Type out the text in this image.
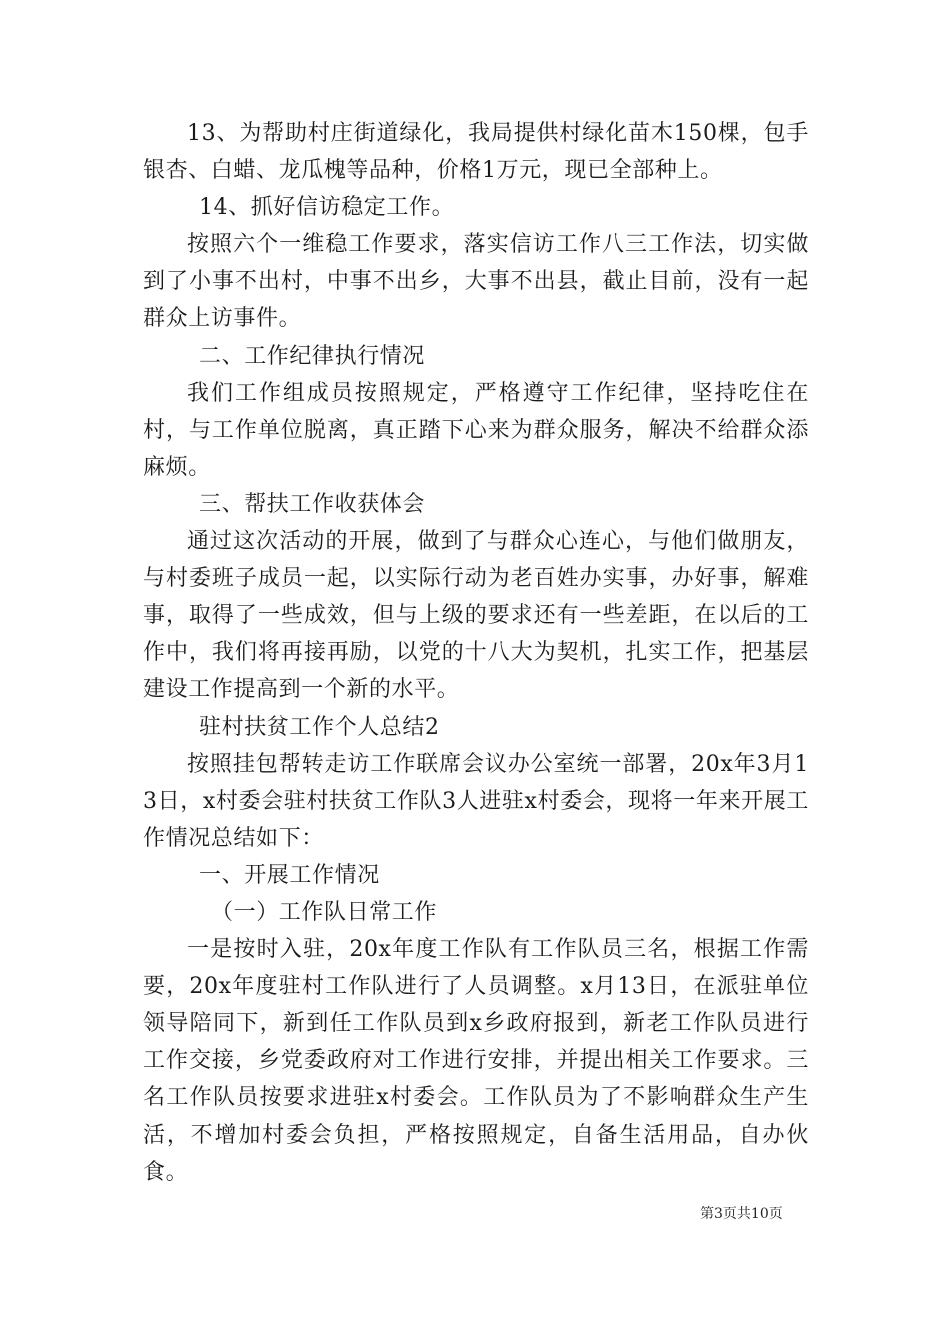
13、为帮助村庄街道绿化，我局提供村绿化苗木150棵，包手银杏、白蜡、龙瓜槐等品种，价格1万元，现已全部种上。

14、抓好信访稳定工作。

按照六个一维稳工作要求，落实信访工作八三工作法，切实做到了小事不出村，中事不出乡，大事不出县，截止目前，没有一起群众上访事件。

二、工作纪律执行情况

我们工作组成员按照规定，严格遵守工作纪律，坚持吃住在村，与工作单位脱离，真正踏下心来为群众服务，解决不给群众添麻烦。

三、帮扶工作收获体会

通过这次活动的开展，做到了与群众心连心，与他们做朋友，与村委班子成员一起，以实际行动为老百姓办实事，办好事，解难事，取得了一些成效，但与上级的要求还有一些差距，在以后的工作中，我们将再接再励，以党的十八大为契机，扎实工作，把基层建设工作提高到一个新的水平。

驻村扶贫工作个人总结2

按照挂包帮转走访工作联席会议办公室统一部署，20x年3月13日，x村委会驻村扶贫工作队3人进驻x村委会，现将一年来开展工作情况总结如下：

一、开展工作情况

（一）工作队日常工作

一是按时入驻，20x年度工作队有工作队员三名，根据工作需要，20x年度驻村工作队进行了人员调整。x月13日，在派驻单位领导陪同下，新到任工作队员到x乡政府报到，新老工作队员进行工作交接，乡党委政府对工作进行安排，并提出相关工作要求。三名工作队员按要求进驻x村委会。工作队员为了不影响群众生产生活，不增加村委会负担，严格按照规定，自备生活用品，自办伙食。

第3页共10页
